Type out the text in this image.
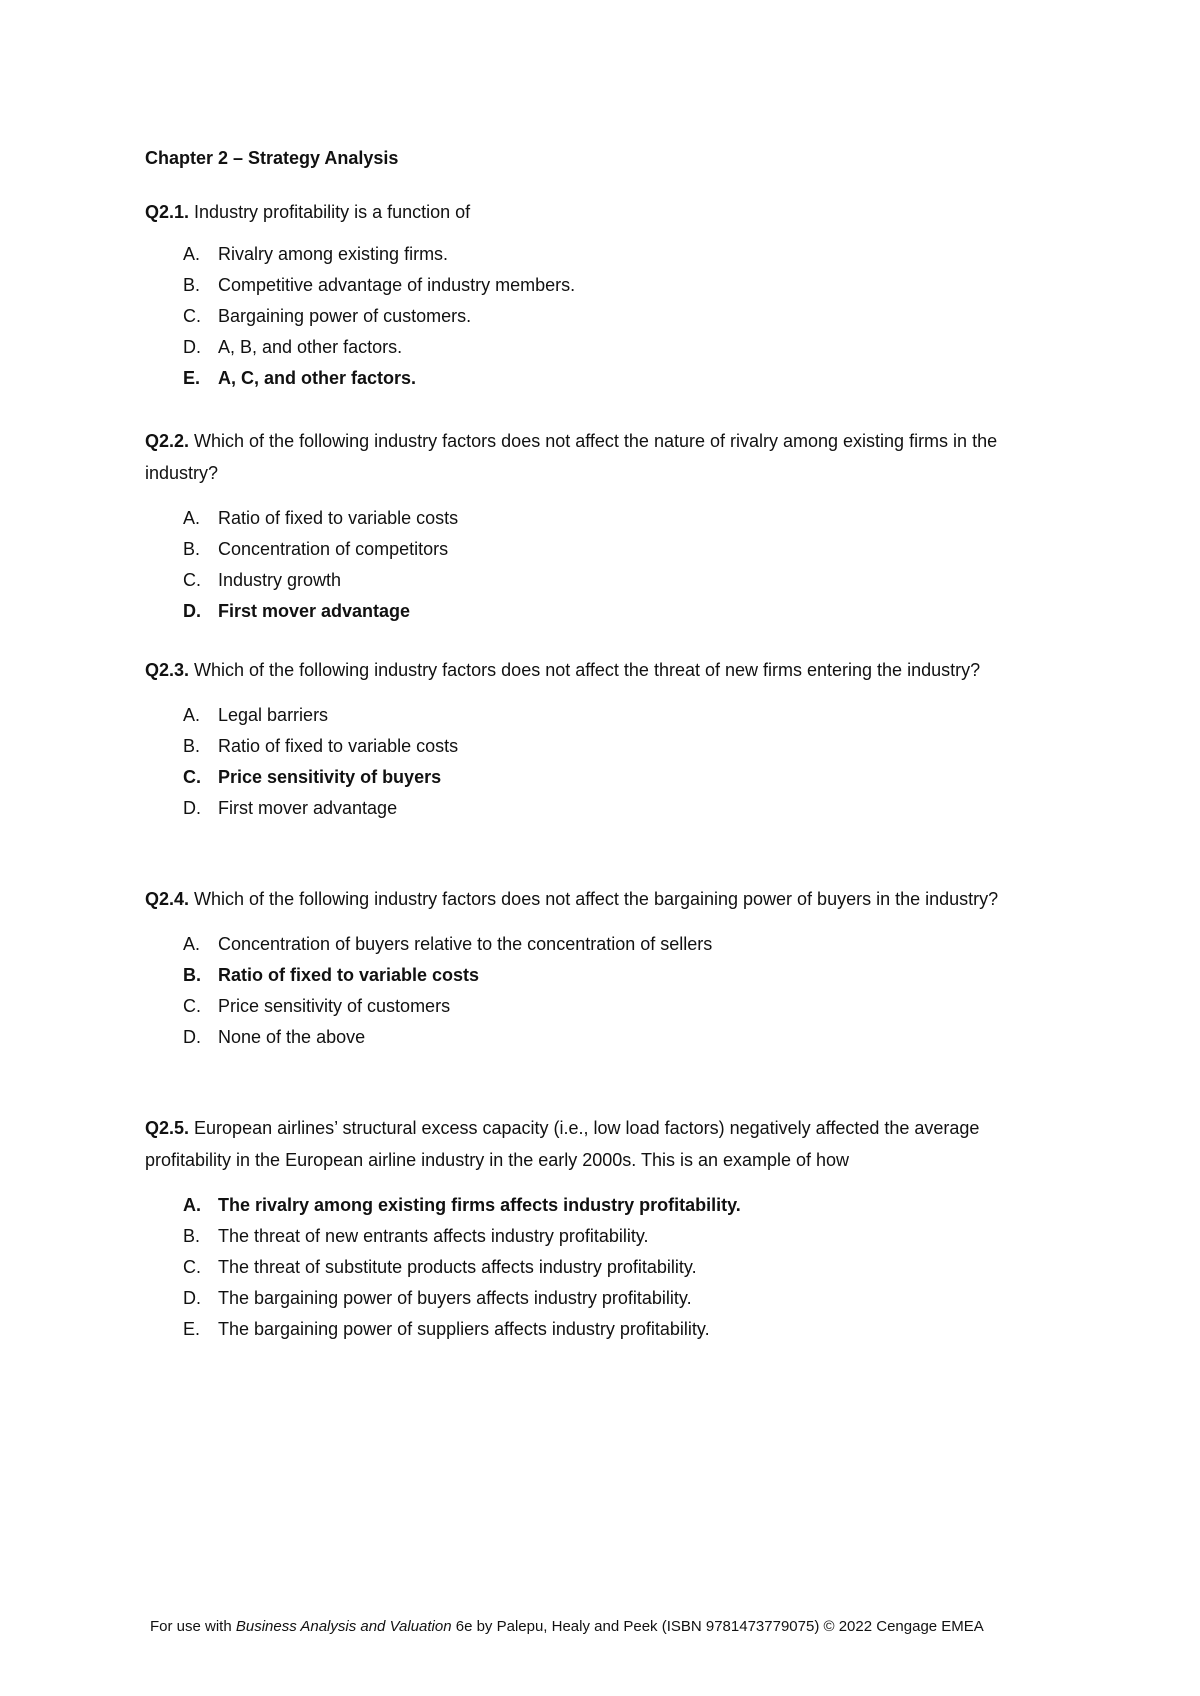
Chapter 2 – Strategy Analysis

Q2.1. Industry profitability is a function of

A. Rivalry among existing firms.
B. Competitive advantage of industry members.
C. Bargaining power of customers.
D. A, B, and other factors.
E. A, C, and other factors.

Q2.2. Which of the following industry factors does not affect the nature of rivalry among existing firms in the industry?

A. Ratio of fixed to variable costs
B. Concentration of competitors
C. Industry growth
D. First mover advantage

Q2.3. Which of the following industry factors does not affect the threat of new firms entering the industry?

A. Legal barriers
B. Ratio of fixed to variable costs
C. Price sensitivity of buyers
D. First mover advantage

Q2.4. Which of the following industry factors does not affect the bargaining power of buyers in the industry?

A. Concentration of buyers relative to the concentration of sellers
B. Ratio of fixed to variable costs
C. Price sensitivity of customers
D. None of the above

Q2.5. European airlines’ structural excess capacity (i.e., low load factors) negatively affected the average profitability in the European airline industry in the early 2000s. This is an example of how

A. The rivalry among existing firms affects industry profitability.
B. The threat of new entrants affects industry profitability.
C. The threat of substitute products affects industry profitability.
D. The bargaining power of buyers affects industry profitability.
E. The bargaining power of suppliers affects industry profitability.
For use with Business Analysis and Valuation 6e by Palepu, Healy and Peek (ISBN 9781473779075) © 2022 Cengage EMEA
